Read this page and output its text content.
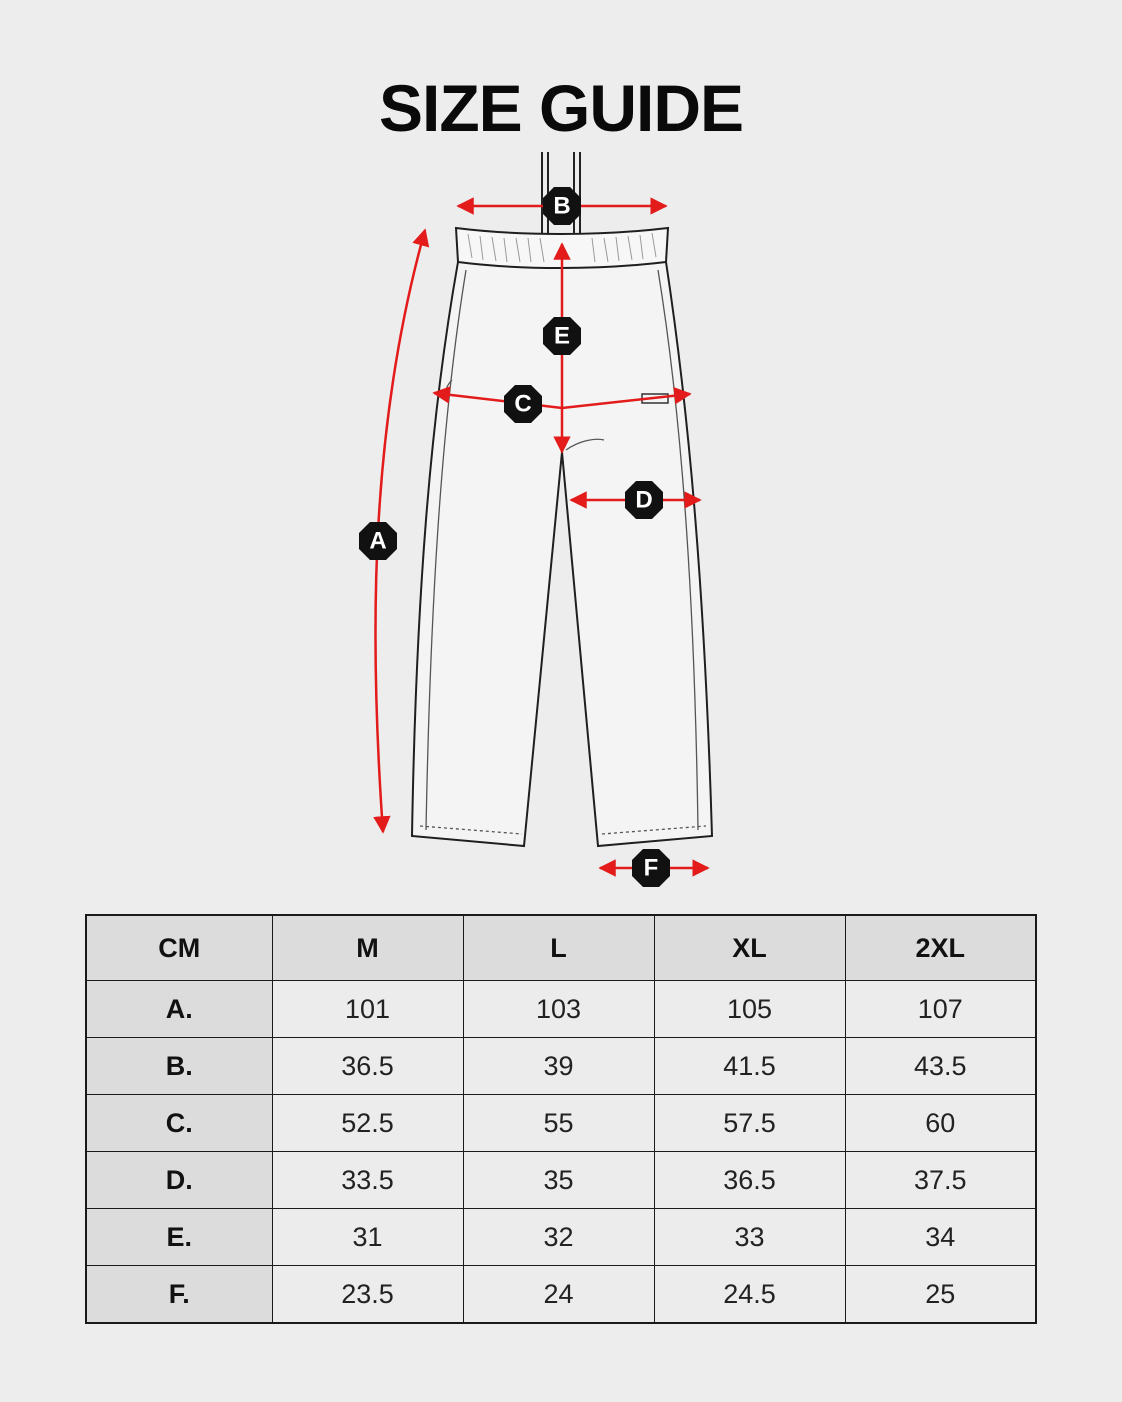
SIZE GUIDE
A
B
C
D
E
F
CM	M	L	XL	2XL
A.	101	103	105	107
B.	36.5	39	41.5	43.5
C.	52.5	55	57.5	60
D.	33.5	35	36.5	37.5
E.	31	32	33	34
F.	23.5	24	24.5	25
